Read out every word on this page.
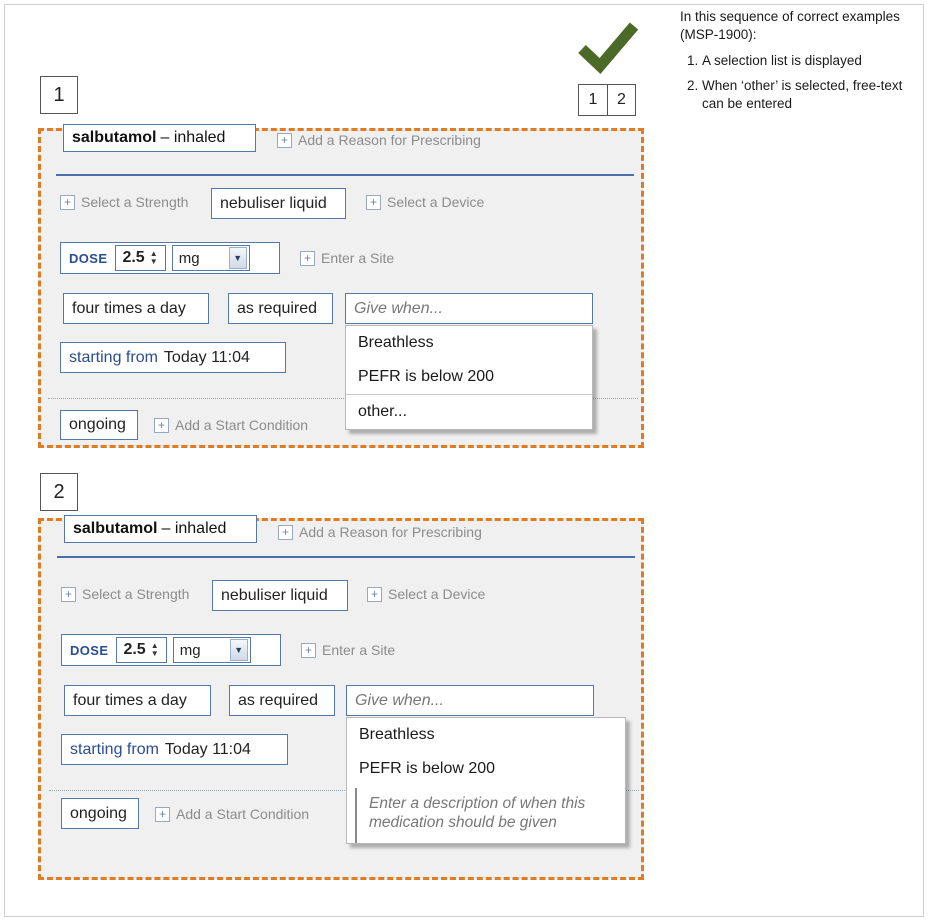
In this sequence of correct examples (MSP-1900):

1. A selection list is displayed
2. When ‘other’ is selected, free-text can be entered
1	2
1
salbutamol – inhaled	+ Add a Reason for Prescribing
+ Select a Strength	nebuliser liquid	+ Select a Device
DOSE 2.5 ▲
▼ mg	▼	+ Enter a Site
four times a day	as required	Give when...
starting from Today 11:04
ongoing	+ Add a Start Condition
Breathless
PEFR is below 200
other...
2
salbutamol – inhaled	+ Add a Reason for Prescribing
+ Select a Strength	nebuliser liquid	+ Select a Device
DOSE 2.5 ▲
▼ mg	▼	+ Enter a Site
four times a day	as required	Give when...
starting from Today 11:04
ongoing	+ Add a Start Condition
Breathless
PEFR is below 200
Enter a description of when this medication should be given
